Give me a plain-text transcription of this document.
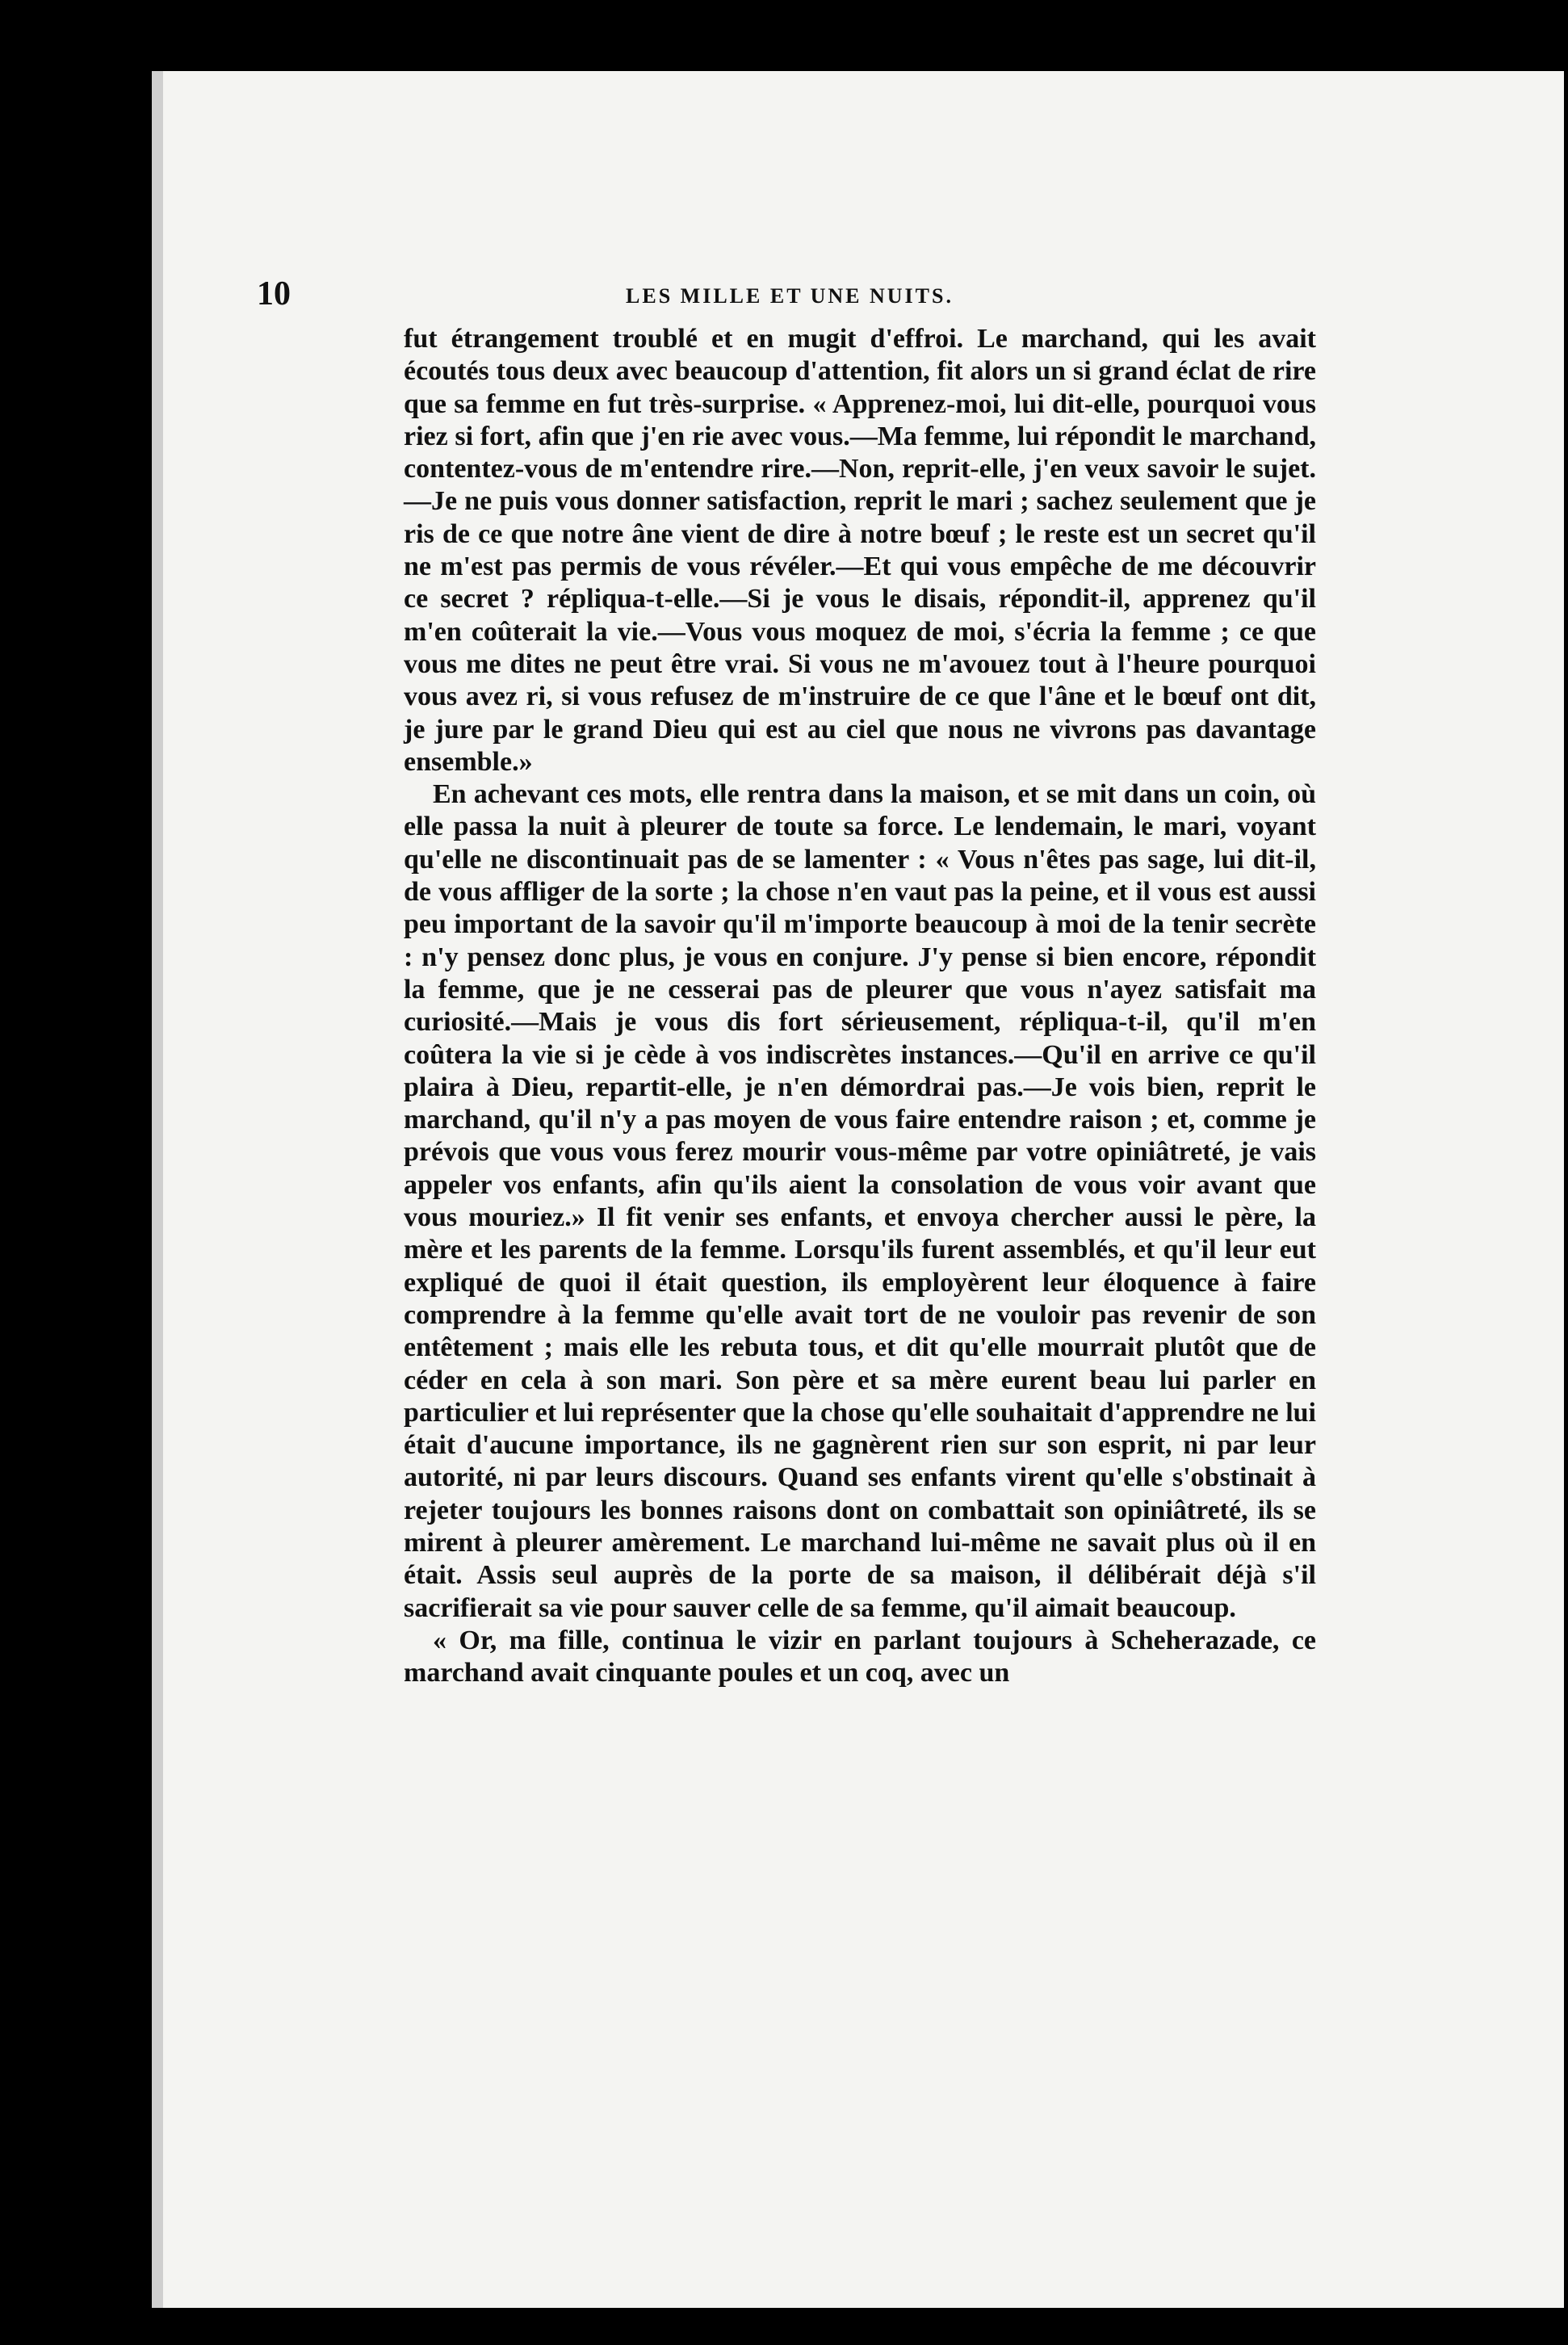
10	LES MILLE ET UNE NUITS.

fut étrangement troublé et en mugit d'effroi. Le marchand, qui les avait écoutés tous deux avec beaucoup d'attention, fit alors un si grand éclat de rire que sa femme en fut très-surprise. « Apprenez-moi, lui dit-elle, pourquoi vous riez si fort, afin que j'en rie avec vous.—Ma femme, lui répondit le marchand, contentez-vous de m'entendre rire.—Non, reprit-elle, j'en veux savoir le sujet.—Je ne puis vous donner satisfaction, reprit le mari ; sachez seulement que je ris de ce que notre âne vient de dire à notre bœuf ; le reste est un secret qu'il ne m'est pas permis de vous révéler.—Et qui vous empêche de me découvrir ce secret ? répliqua-t-elle.—Si je vous le disais, répondit-il, apprenez qu'il m'en coûterait la vie.—Vous vous moquez de moi, s'écria la femme ; ce que vous me dites ne peut être vrai. Si vous ne m'avouez tout à l'heure pourquoi vous avez ri, si vous refusez de m'instruire de ce que l'âne et le bœuf ont dit, je jure par le grand Dieu qui est au ciel que nous ne vivrons pas davantage ensemble.»

En achevant ces mots, elle rentra dans la maison, et se mit dans un coin, où elle passa la nuit à pleurer de toute sa force. Le lendemain, le mari, voyant qu'elle ne discontinuait pas de se lamenter : « Vous n'êtes pas sage, lui dit-il, de vous affliger de la sorte ; la chose n'en vaut pas la peine, et il vous est aussi peu important de la savoir qu'il m'importe beaucoup à moi de la tenir secrète : n'y pensez donc plus, je vous en conjure. J'y pense si bien encore, répondit la femme, que je ne cesserai pas de pleurer que vous n'ayez satisfait ma curiosité.—Mais je vous dis fort sérieusement, répliqua-t-il, qu'il m'en coûtera la vie si je cède à vos indiscrètes instances.—Qu'il en arrive ce qu'il plaira à Dieu, repartit-elle, je n'en démordrai pas.—Je vois bien, reprit le marchand, qu'il n'y a pas moyen de vous faire entendre raison ; et, comme je prévois que vous vous ferez mourir vous-même par votre opiniâtreté, je vais appeler vos enfants, afin qu'ils aient la consolation de vous voir avant que vous mouriez.» Il fit venir ses enfants, et envoya chercher aussi le père, la mère et les parents de la femme. Lorsqu'ils furent assemblés, et qu'il leur eut expliqué de quoi il était question, ils employèrent leur éloquence à faire comprendre à la femme qu'elle avait tort de ne vouloir pas revenir de son entêtement ; mais elle les rebuta tous, et dit qu'elle mourrait plutôt que de céder en cela à son mari. Son père et sa mère eurent beau lui parler en particulier et lui représenter que la chose qu'elle souhaitait d'apprendre ne lui était d'aucune importance, ils ne gagnèrent rien sur son esprit, ni par leur autorité, ni par leurs discours. Quand ses enfants virent qu'elle s'obstinait à rejeter toujours les bonnes raisons dont on combattait son opiniâtreté, ils se mirent à pleurer amèrement. Le marchand lui-même ne savait plus où il en était. Assis seul auprès de la porte de sa maison, il délibérait déjà s'il sacrifierait sa vie pour sauver celle de sa femme, qu'il aimait beaucoup.

« Or, ma fille, continua le vizir en parlant toujours à Scheherazade, ce marchand avait cinquante poules et un coq, avec un
